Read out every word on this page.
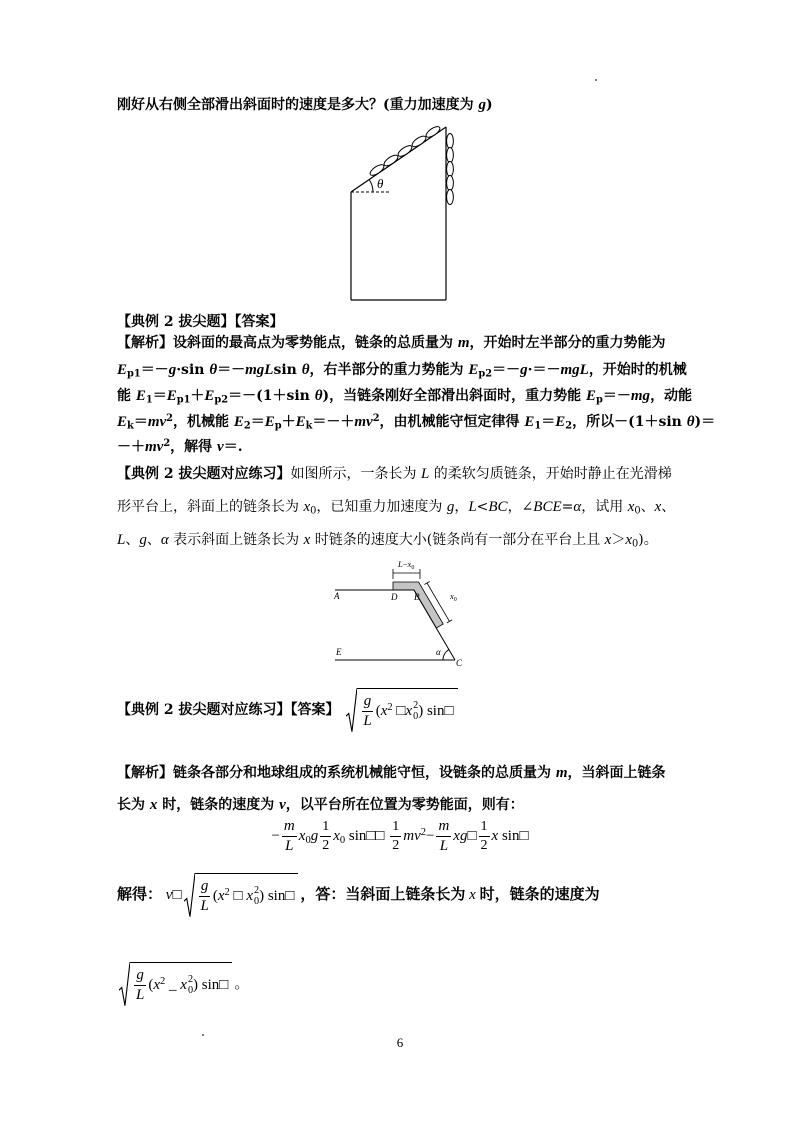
刚好从右侧全部滑出斜面时的速度是多大？(重力加速度为 g)
θ
【典例 2 拔尖题】【答案】
【解析】设斜面的最高点为零势能点，链条的总质量为 m，开始时左半部分的重力势能为
$E_{p1}=-g\cdot\sin$ θ＝－mgLsin θ，右半部分的重力势能为 $E_{p2}=-g\cdot=-mgL$，开始时的机械
能 $E_1=E_{p1}+E_{p2}=-(1+\sin$ θ)，当链条刚好全部滑出斜面时，重力势能 $E_p=-mg$，动能
$E_k=mv^2$，机械能 $E_2=E_p+E_k=-+mv^2$，由机械能守恒定律得 $E_1=E_2$，所以－(1＋sin θ)＝
$-+mv^2$，解得 v＝.
【典例 2 拔尖题对应练习】如图所示，一条长为 L 的柔软匀质链条，开始时静止在光滑梯
形平台上，斜面上的链条长为 $x_0$，已知重力加速度为 g，L<BC，∠BCE=α，试用 $x_0$、x、
L、g、α 表示斜面上链条长为 x 时链条的速度大小(链条尚有一部分在平台上且 $x>x_0$)。
A	D B
E	α
C
$L-x_0$
$x_0$
【典例 2 拔尖题对应练习】【答案】 $\frac{g}{L} (x^2$ □x 2
0 ) sin□
【解析】链条各部分和地球组成的系统机械能守恒，设链条的总质量为 m，当斜面上链条
长为 x 时，链条的速度为 v，以平台所在位置为零势能面，则有：
− $\frac{m}{L} x_0g \frac{1}{2} x_0$ sin□□ $\frac{1}{2} mv^2- \frac{m}{L}$ xg□ $\frac{1}{2}$ x sin□
解得： v□ $\frac{g}{L} (x^2$ □ x 2
0 ) sin□ ，答：当斜面上链条长为 x 时，链条的速度为
$\frac{g}{L} (x^2$ _ x 2
0 ) sin□ 。
6
